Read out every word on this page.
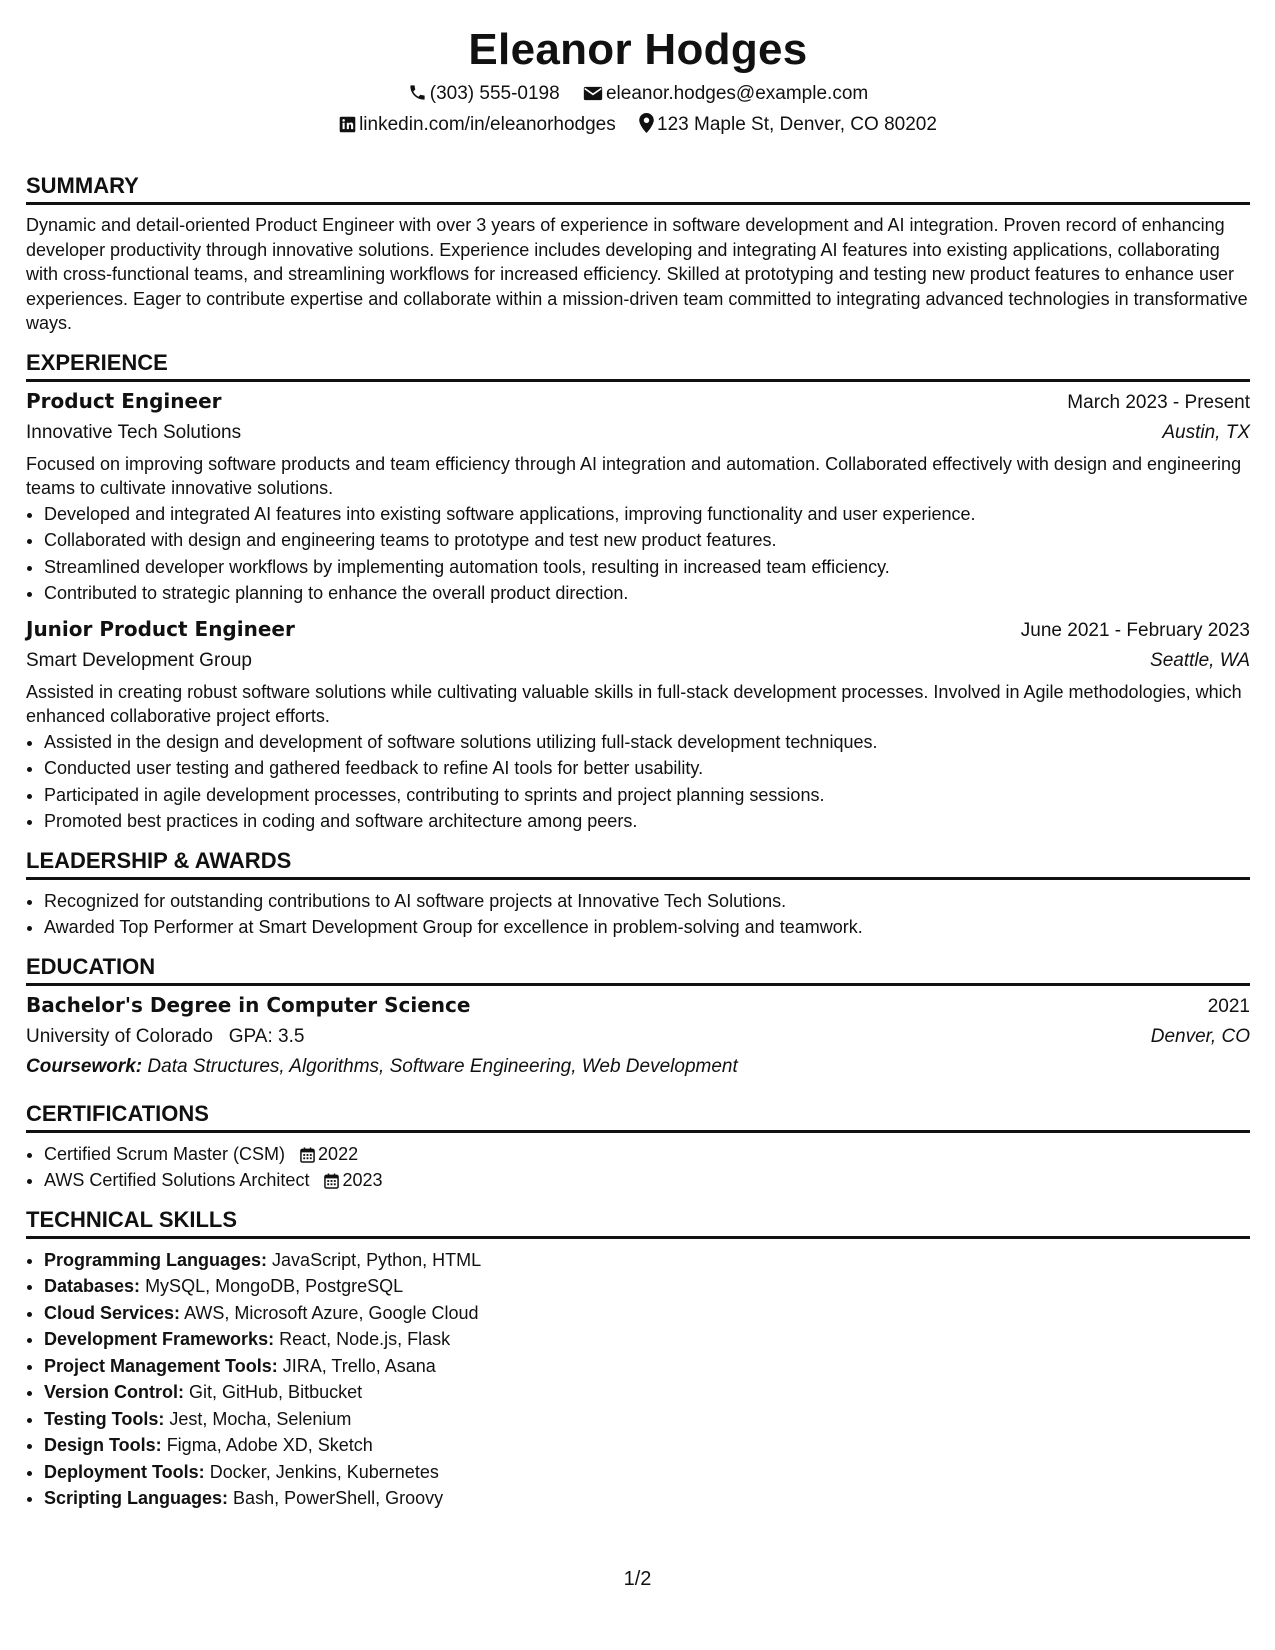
Eleanor Hodges
(303) 555-0198 eleanor.hodges@example.com
linkedin.com/in/eleanorhodges 123 Maple St, Denver, CO 80202
SUMMARY

Dynamic and detail-oriented Product Engineer with over 3 years of experience in software development and AI integration. Proven record of enhancing developer productivity through innovative solutions. Experience includes developing and integrating AI features into existing applications, collaborating with cross-functional teams, and streamlining workflows for increased efficiency. Skilled at prototyping and testing new product features to enhance user experiences. Eager to contribute expertise and collaborate within a mission-driven team committed to integrating advanced technologies in transformative ways.

EXPERIENCE
Product Engineer	March 2023 - Present
Innovative Tech Solutions	Austin, TX

Focused on improving software products and team efficiency through AI integration and automation. Collaborated effectively with design and engineering teams to cultivate innovative solutions.

• Developed and integrated AI features into existing software applications, improving functionality and user experience.
• Collaborated with design and engineering teams to prototype and test new product features.
• Streamlined developer workflows by implementing automation tools, resulting in increased team efficiency.
• Contributed to strategic planning to enhance the overall product direction.
Junior Product Engineer	June 2021 - February 2023
Smart Development Group	Seattle, WA

Assisted in creating robust software solutions while cultivating valuable skills in full-stack development processes. Involved in Agile methodologies, which enhanced collaborative project efforts.

• Assisted in the design and development of software solutions utilizing full-stack development techniques.
• Conducted user testing and gathered feedback to refine AI tools for better usability.
• Participated in agile development processes, contributing to sprints and project planning sessions.
• Promoted best practices in coding and software architecture among peers.
LEADERSHIP & AWARDS
• Recognized for outstanding contributions to AI software projects at Innovative Tech Solutions.
• Awarded Top Performer at Smart Development Group for excellence in problem-solving and teamwork.
EDUCATION
Bachelor's Degree in Computer Science	2021
University of Colorado GPA: 3.5	Denver, CO
Coursework: Data Structures, Algorithms, Software Engineering, Web Development
CERTIFICATIONS
• Certified Scrum Master (CSM) 2022
• AWS Certified Solutions Architect 2023
TECHNICAL SKILLS
• Programming Languages: JavaScript, Python, HTML
• Databases: MySQL, MongoDB, PostgreSQL
• Cloud Services: AWS, Microsoft Azure, Google Cloud
• Development Frameworks: React, Node.js, Flask
• Project Management Tools: JIRA, Trello, Asana
• Version Control: Git, GitHub, Bitbucket
• Testing Tools: Jest, Mocha, Selenium
• Design Tools: Figma, Adobe XD, Sketch
• Deployment Tools: Docker, Jenkins, Kubernetes
• Scripting Languages: Bash, PowerShell, Groovy
1/2
